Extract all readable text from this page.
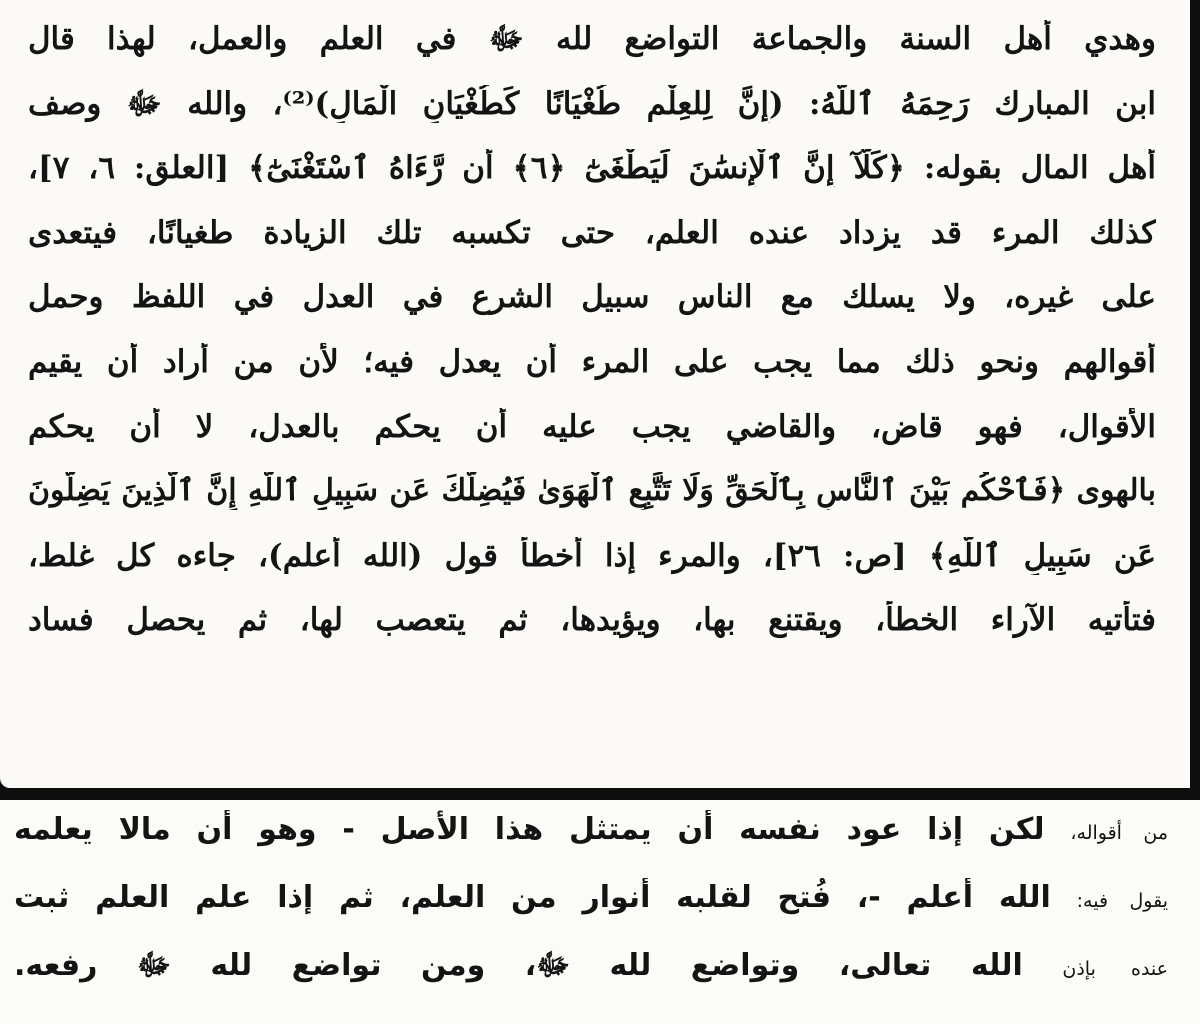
وهدي أهل السنة والجماعة التواضع لله ﷻ في العلم والعمل، لهذا قال
ابن المبارك رَحِمَهُ ٱللَّهُ: (إِنَّ لِلعِلْمِ طُغْيَانًا كَطُغْيَانِ الْمَالِ)⁽²⁾، والله ﷻ وصف
أهل المال بقوله: ﴿كَلَّآ إِنَّ ٱلْإِنسَٰنَ لَيَطْغَىٰٓ ﴿٦﴾ أَن رَّءَاهُ ٱسْتَغْنَىٰٓ﴾ [العلق: ٦، ٧]،
كذلك المرء قد يزداد عنده العلم، حتى تكسبه تلك الزيادة طغيانًا، فيتعدى
على غيره، ولا يسلك مع الناس سبيل الشرع في العدل في اللفظ وحمل
أقوالهم ونحو ذلك مما يجب على المرء أن يعدل فيه؛ لأن من أراد أن يقيم
الأقوال، فهو قاضٍ، والقاضي يجب عليه أن يحكم بالعدل، لا أن يحكم
بالهوى ﴿فَٱحْكُم بَيْنَ ٱلنَّاسِ بِٱلْحَقِّ وَلَا تَتَّبِعِ ٱلْهَوَىٰ فَيُضِلَّكَ عَن سَبِيلِ ٱللَّهِ إِنَّ ٱلَّذِينَ يَضِلُّونَ
عَن سَبِيلِ ٱللَّهِ﴾ [ص: ٢٦]، والمرء إذا أخطأ قول (الله أعلم)، جاءه كل غلط،
فتأتيه الآراء الخطأ، ويقتنع بها، ويؤيدها، ثم يتعصب لها، ثم يحصل فساد
من أقواله، لكن إذا عود نفسه أن يمتثل هذا الأصل - وهو أن مالا يعلمه
يقول فيه: الله أعلم -، فُتح لقلبه أنوار من العلم، ثم إذا علم العلم ثبت
عنده بإذن الله تعالى، وتواضع لله ﷻ، ومن تواضع لله ﷻ رفعه.
